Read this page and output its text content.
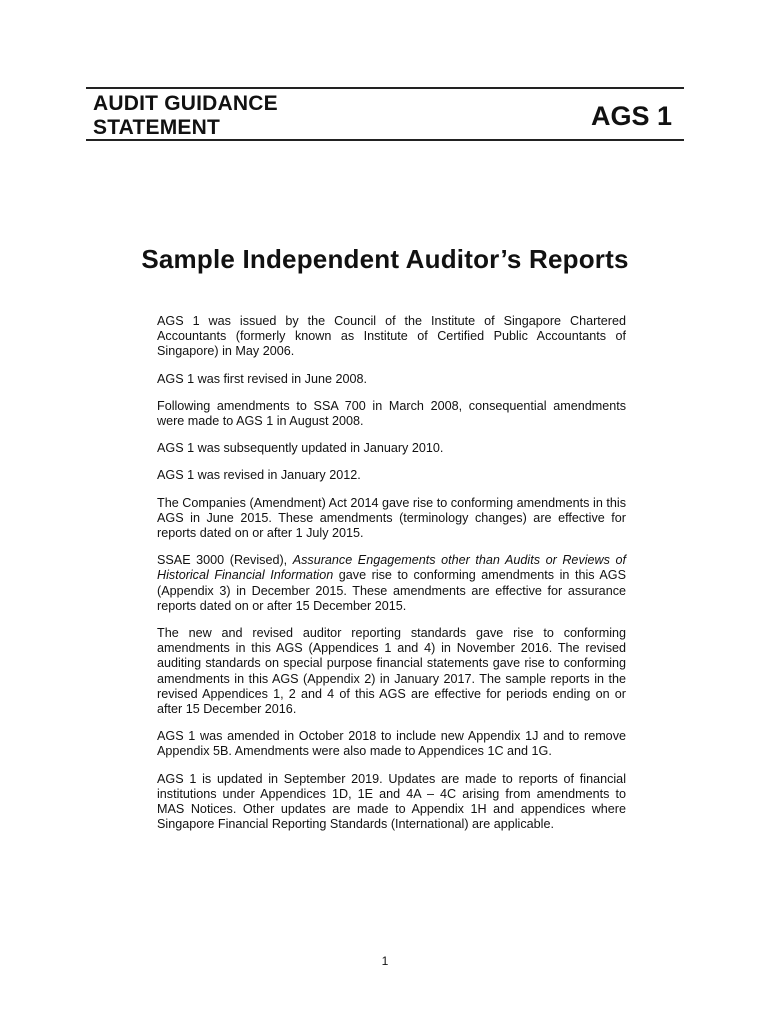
AUDIT GUIDANCE
STATEMENT	AGS 1
Sample Independent Auditor’s Reports

AGS 1 was issued by the Council of the Institute of Singapore Chartered Accountants (formerly known as Institute of Certified Public Accountants of Singapore) in May 2006.

AGS 1 was first revised in June 2008.

Following amendments to SSA 700 in March 2008, consequential amendments were made to AGS 1 in August 2008.

AGS 1 was subsequently updated in January 2010.

AGS 1 was revised in January 2012.

The Companies (Amendment) Act 2014 gave rise to conforming amendments in this AGS in June 2015. These amendments (terminology changes) are effective for reports dated on or after 1 July 2015.

SSAE 3000 (Revised), Assurance Engagements other than Audits or Reviews of Historical Financial Information gave rise to conforming amendments in this AGS (Appendix 3) in December 2015. These amendments are effective for assurance reports dated on or after 15 December 2015.

The new and revised auditor reporting standards gave rise to conforming amendments in this AGS (Appendices 1 and 4) in November 2016. The revised auditing standards on special purpose financial statements gave rise to conforming amendments in this AGS (Appendix 2) in January 2017. The sample reports in the revised Appendices 1, 2 and 4 of this AGS are effective for periods ending on or after 15 December 2016.

AGS 1 was amended in October 2018 to include new Appendix 1J and to remove Appendix 5B. Amendments were also made to Appendices 1C and 1G.

AGS 1 is updated in September 2019. Updates are made to reports of financial institutions under Appendices 1D, 1E and 4A – 4C arising from amendments to MAS Notices. Other updates are made to Appendix 1H and appendices where Singapore Financial Reporting Standards (International) are applicable.

1
